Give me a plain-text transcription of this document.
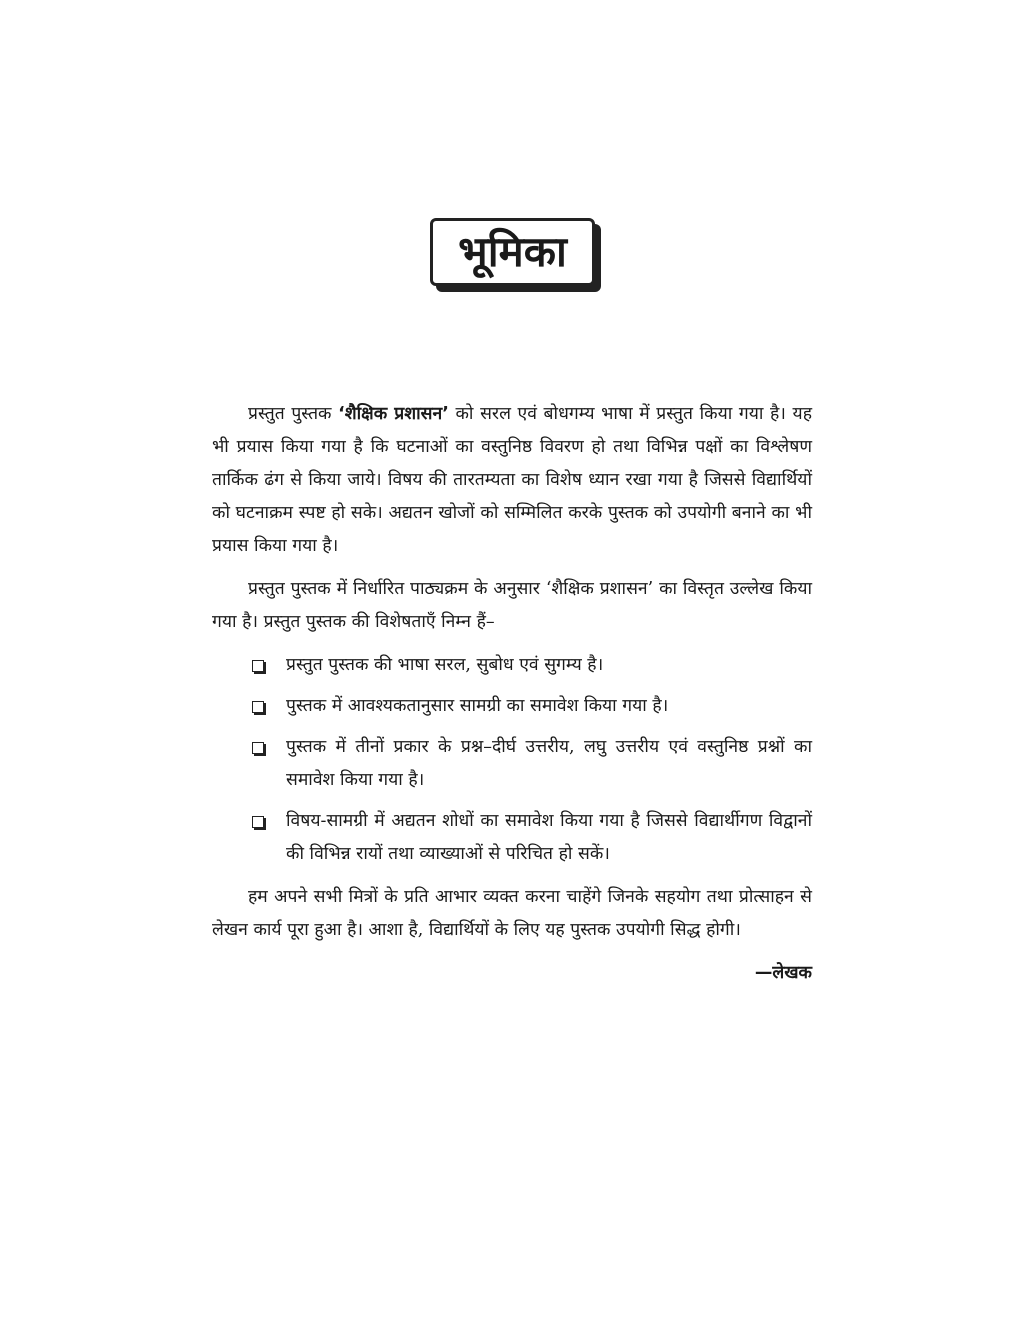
भूमिका

प्रस्तुत पुस्तक ‘शैक्षिक प्रशासन’ को सरल एवं बोधगम्य भाषा में प्रस्तुत किया गया है। यह भी प्रयास किया गया है कि घटनाओं का वस्तुनिष्ठ विवरण हो तथा विभिन्न पक्षों का विश्लेषण तार्किक ढंग से किया जाये। विषय की तारतम्यता का विशेष ध्यान रखा गया है जिससे विद्यार्थियों को घटनाक्रम स्पष्ट हो सके। अद्यतन खोजों को सम्मिलित करके पुस्तक को उपयोगी बनाने का भी प्रयास किया गया है।

प्रस्तुत पुस्तक में निर्धारित पाठ्यक्रम के अनुसार ‘शैक्षिक प्रशासन’ का विस्तृत उल्लेख किया गया है। प्रस्तुत पुस्तक की विशेषताएँ निम्न हैं–

प्रस्तुत पुस्तक की भाषा सरल, सुबोध एवं सुगम्य है।
पुस्तक में आवश्यकतानुसार सामग्री का समावेश किया गया है।
पुस्तक में तीनों प्रकार के प्रश्न–दीर्घ उत्तरीय, लघु उत्तरीय एवं वस्तुनिष्ठ प्रश्नों का समावेश किया गया है।
विषय-सामग्री में अद्यतन शोधों का समावेश किया गया है जिससे विद्यार्थीगण विद्वानों की विभिन्न रायों तथा व्याख्याओं से परिचित हो सकें।

हम अपने सभी मित्रों के प्रति आभार व्यक्त करना चाहेंगे जिनके सहयोग तथा प्रोत्साहन से लेखन कार्य पूरा हुआ है। आशा है, विद्यार्थियों के लिए यह पुस्तक उपयोगी सिद्ध होगी।

—लेखक
